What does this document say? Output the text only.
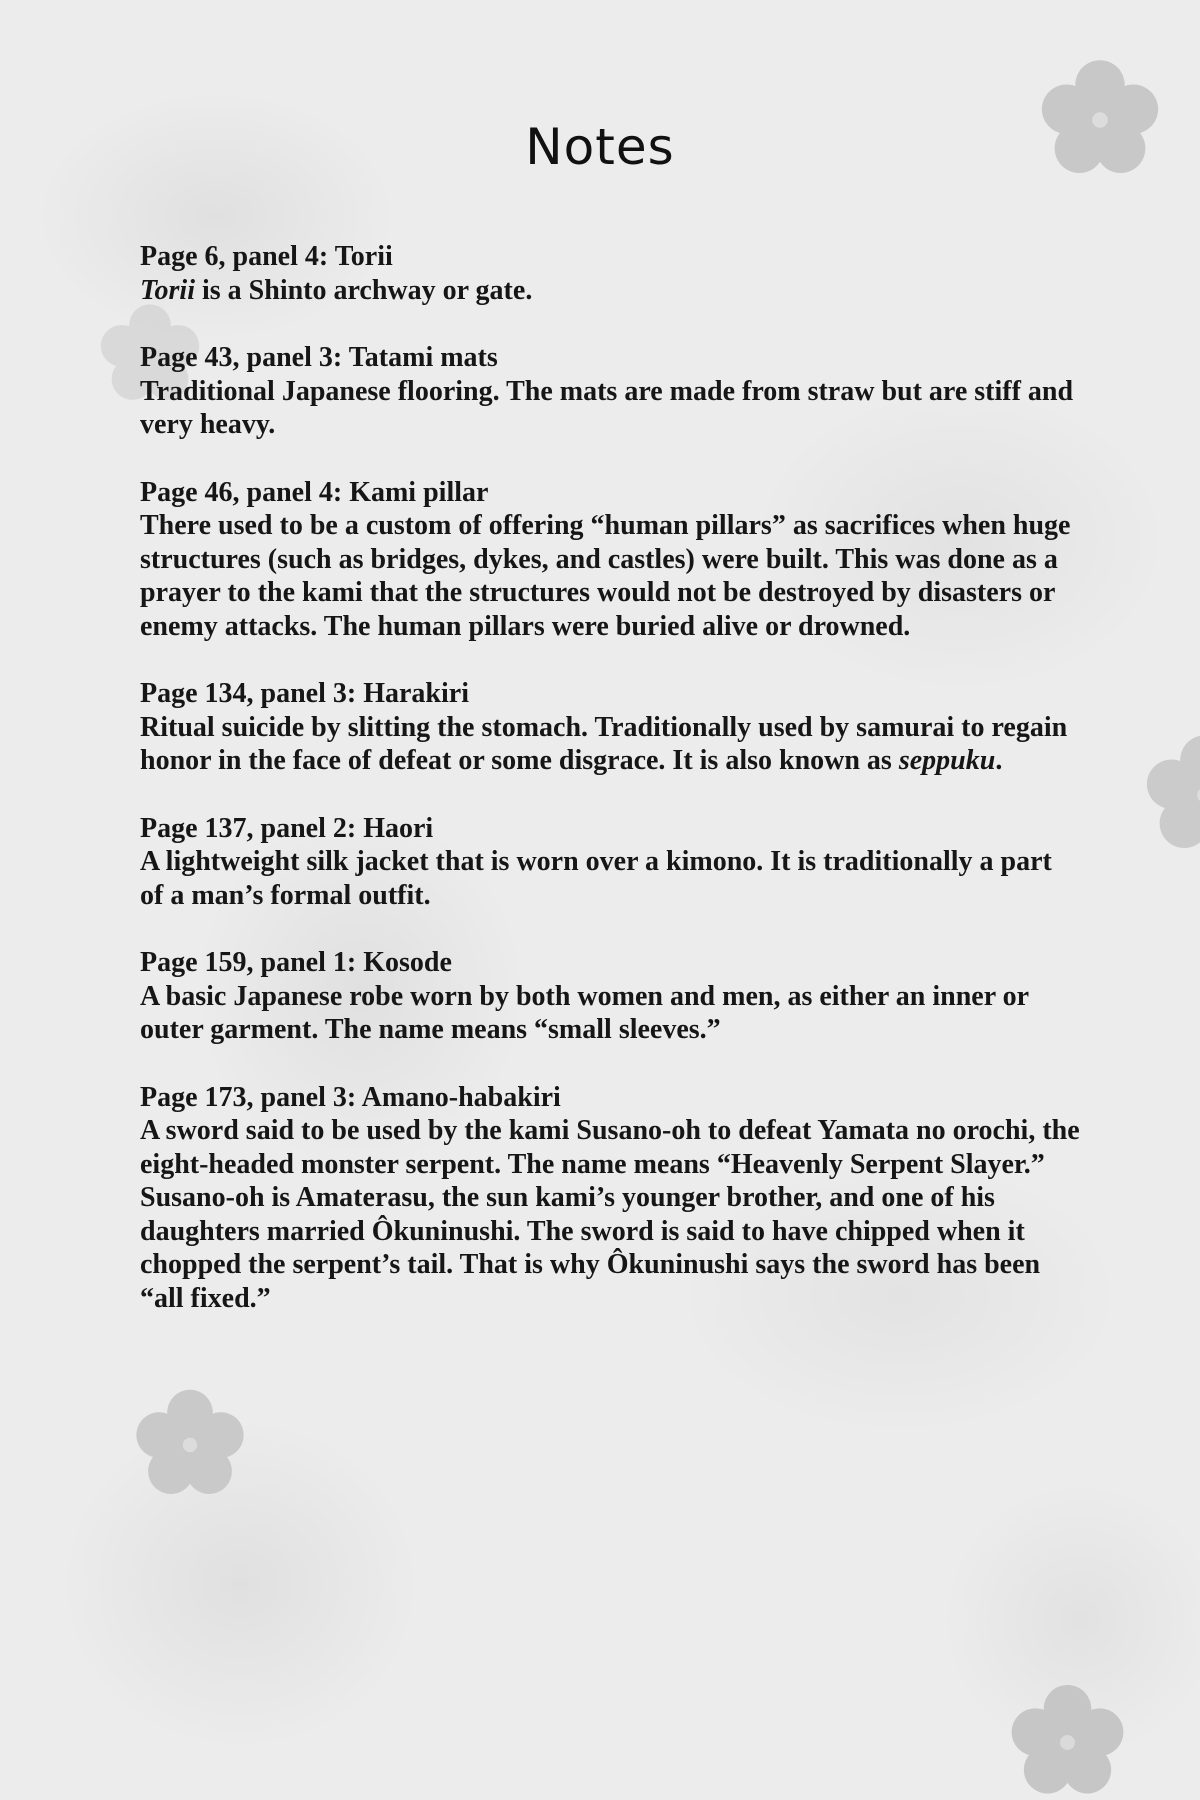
Notes

Page 6, panel 4: Torii

Torii is a Shinto archway or gate.

Page 43, panel 3: Tatami mats

Traditional Japanese flooring. The mats are made from straw but are stiff and very heavy.

Page 46, panel 4: Kami pillar

There used to be a custom of offering “human pillars” as sacrifices when huge structures (such as bridges, dykes, and castles) were built. This was done as a prayer to the kami that the structures would not be destroyed by disasters or enemy attacks. The human pillars were buried alive or drowned.

Page 134, panel 3: Harakiri

Ritual suicide by slitting the stomach. Traditionally used by samurai to regain honor in the face of defeat or some disgrace. It is also known as seppuku.

Page 137, panel 2: Haori

A lightweight silk jacket that is worn over a kimono. It is traditionally a part of a man’s formal outfit.

Page 159, panel 1: Kosode

A basic Japanese robe worn by both women and men, as either an inner or outer garment. The name means “small sleeves.”

Page 173, panel 3: Amano-habakiri

A sword said to be used by the kami Susano-oh to defeat Yamata no orochi, the eight-headed monster serpent. The name means “Heavenly Serpent Slayer.” Susano-oh is Amaterasu, the sun kami’s younger brother, and one of his daughters married Ôkuninushi. The sword is said to have chipped when it chopped the serpent’s tail. That is why Ôkuninushi says the sword has been “all fixed.”
